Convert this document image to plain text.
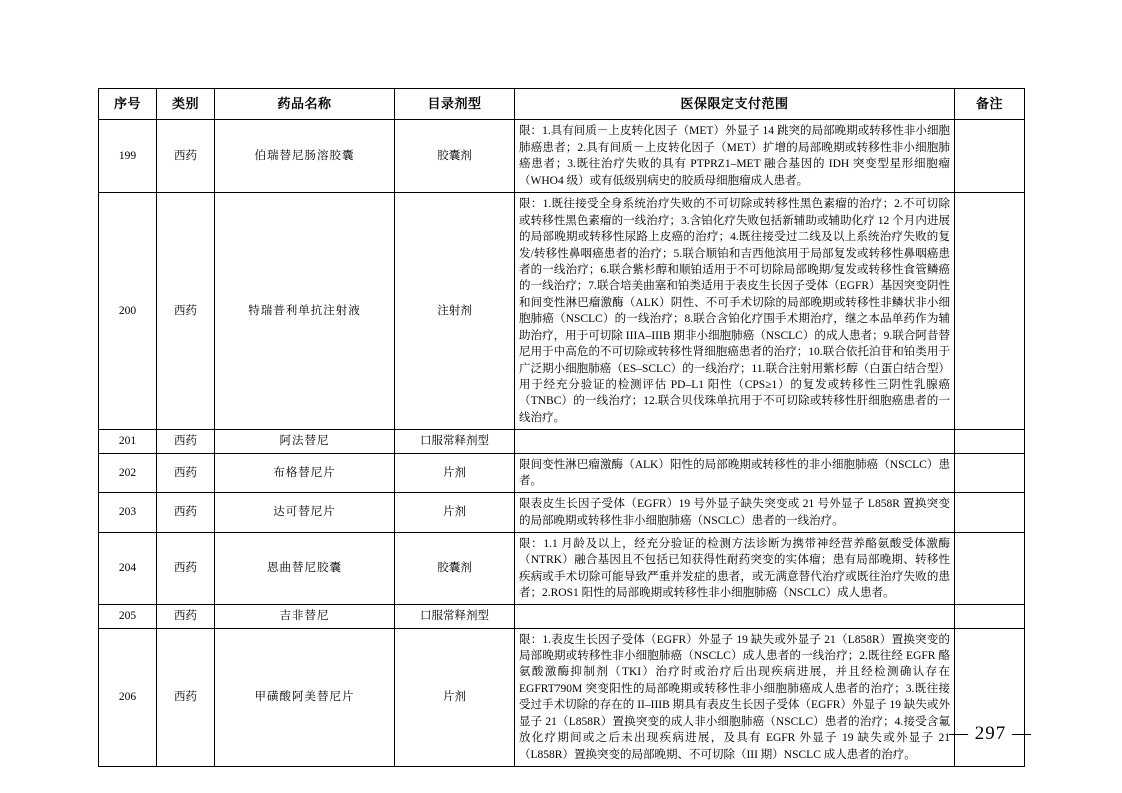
序号	类别	药品名称	目录剂型	医保限定支付范围	备注
199	西药	伯瑞替尼肠溶胶囊	胶囊剂	限：1.具有间质－上皮转化因子（MET）外显子 14 跳突的局部晚期或转移性非小细胞肺癌患者；2.具有间质－上皮转化因子（MET）扩增的局部晚期或转移性非小细胞肺癌患者；3.既往治疗失败的具有 PTPRZ1–MET 融合基因的 IDH 突变型星形细胞瘤（WHO4 级）或有低级别病史的胶质母细胞瘤成人患者。	
200	西药	特瑞普利单抗注射液	注射剂	限：1.既往接受全身系统治疗失败的不可切除或转移性黑色素瘤的治疗；2.不可切除或转移性黑色素瘤的一线治疗；3.含铂化疗失败包括新辅助或辅助化疗 12 个月内进展的局部晚期或转移性尿路上皮癌的治疗；4.既往接受过二线及以上系统治疗失败的复发/转移性鼻咽癌患者的治疗；5.联合顺铂和吉西他滨用于局部复发或转移性鼻咽癌患者的一线治疗；6.联合紫杉醇和顺铂适用于不可切除局部晚期/复发或转移性食管鳞癌的一线治疗；7.联合培美曲塞和铂类适用于表皮生长因子受体（EGFR）基因突变阴性和间变性淋巴瘤激酶（ALK）阴性、不可手术切除的局部晚期或转移性非鳞状非小细胞肺癌（NSCLC）的一线治疗；8.联合含铂化疗围手术期治疗，继之本品单药作为辅助治疗，用于可切除 IIIA–IIIB 期非小细胞肺癌（NSCLC）的成人患者；9.联合阿昔替尼用于中高危的不可切除或转移性肾细胞癌患者的治疗；10.联合依托泊苷和铂类用于广泛期小细胞肺癌（ES–SCLC）的一线治疗；11.联合注射用紫杉醇（白蛋白结合型）用于经充分验证的检测评估 PD–L1 阳性（CPS≥1）的复发或转移性三阴性乳腺癌（TNBC）的一线治疗；12.联合贝伐珠单抗用于不可切除或转移性肝细胞癌患者的一线治疗。	
201	西药	阿法替尼	口服常释剂型		
202	西药	布格替尼片	片剂	限间变性淋巴瘤激酶（ALK）阳性的局部晚期或转移性的非小细胞肺癌（NSCLC）患者。	
203	西药	达可替尼片	片剂	限表皮生长因子受体（EGFR）19 号外显子缺失突变或 21 号外显子 L858R 置换突变的局部晚期或转移性非小细胞肺癌（NSCLC）患者的一线治疗。	
204	西药	恩曲替尼胶囊	胶囊剂	限：1.1 月龄及以上，经充分验证的检测方法诊断为携带神经营养酪氨酸受体激酶（NTRK）融合基因且不包括已知获得性耐药突变的实体瘤；患有局部晚期、转移性疾病或手术切除可能导致严重并发症的患者，或无满意替代治疗或既往治疗失败的患者；2.ROS1 阳性的局部晚期或转移性非小细胞肺癌（NSCLC）成人患者。	
205	西药	吉非替尼	口服常释剂型		
206	西药	甲磺酸阿美替尼片	片剂	限：1.表皮生长因子受体（EGFR）外显子 19 缺失或外显子 21（L858R）置换突变的局部晚期或转移性非小细胞肺癌（NSCLC）成人患者的一线治疗；2.既往经 EGFR 酪氨酸激酶抑制剂（TKI）治疗时或治疗后出现疾病进展，并且经检测确认存在 EGFRT790M 突变阳性的局部晚期或转移性非小细胞肺癌成人患者的治疗；3.既往接受过手术切除的存在的 II–IIIB 期具有表皮生长因子受体（EGFR）外显子 19 缺失或外显子 21（L858R）置换突变的成人非小细胞肺癌（NSCLC）患者的治疗；4.接受含氟放化疗期间或之后未出现疾病进展，及具有 EGFR 外显子 19 缺失或外显子 21（L858R）置换突变的局部晚期、不可切除（III 期）NSCLC 成人患者的治疗。	
— 297 —
